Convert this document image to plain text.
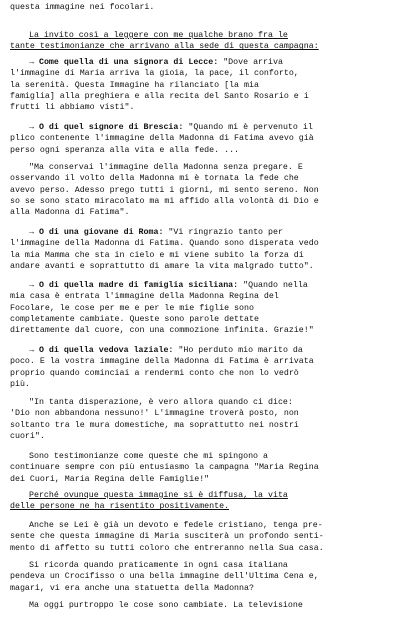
questa immagine nei focolari.

La invito così a leggere con me qualche brano fra le
tante testimonianze che arrivano alla sede di questa campagna:

→ Come quella di una signora di Lecce: "Dove arriva
l'immagine di Maria arriva la gioia, la pace, il conforto,
la serenità. Questa Immagine ha rilanciato [la mia
famiglia] alla preghiera e alla recita del Santo Rosario e i
frutti li abbiamo visti".

→ O di quel signore di Brescia: "Quando mi è pervenuto il
plico contenente l'immagine della Madonna di Fatima avevo già
perso ogni speranza alla vita e alla fede. ...

"Ma conservai l'immagine della Madonna senza pregare. E
osservando il volto della Madonna mi è tornata la fede che
avevo perso. Adesso prego tutti i giorni, mi sento sereno. Non
so se sono stato miracolato ma mi affido alla volontà di Dio e
alla Madonna di Fatima".

→ O di una giovane di Roma: "Vi ringrazio tanto per
l'immagine della Madonna di Fatima. Quando sono disperata vedo
la mia Mamma che sta in cielo e mi viene subito la forza di
andare avanti e soprattutto di amare la vita malgrado tutto".

→ O di quella madre di famiglia siciliana: "Quando nella
mia casa è entrata l'immagine della Madonna Regina del
Focolare, le cose per me e per le mie figlie sono
completamente cambiate. Queste sono parole dettate
direttamente dal cuore, con una commozione infinita. Grazie!"

→ O di quella vedova laziale: "Ho perduto mio marito da
poco. E la vostra immagine della Madonna di Fatima è arrivata
proprio quando cominciai a rendermi conto che non lo vedrò
più.

"In tanta disperazione, è vero allora quando ci dice:
'Dio non abbandona nessuno!' L'immagine troverà posto, non
soltanto tra le mura domestiche, ma soprattutto nei nostri
cuori".

Sono testimonianze come queste che mi spingono a
continuare sempre con più entusiasmo la campagna "Maria Regina
dei Cuori, Maria Regina delle Famiglie!"

Perché ovunque questa immagine si è diffusa, la vita
delle persone ne ha risentito positivamente.

Anche se Lei è già un devoto e fedele cristiano, tenga pre-
sente che questa immagine di Maria susciterà un profondo senti-
mento di affetto su tutti coloro che entreranno nella Sua casa.

Si ricorda quando praticamente in ogni casa italiana
pendeva un Crocifisso o una bella immagine dell'Ultima Cena e,
magari, vi era anche una statuetta della Madonna?

Ma oggi purtroppo le cose sono cambiate. La televisione
